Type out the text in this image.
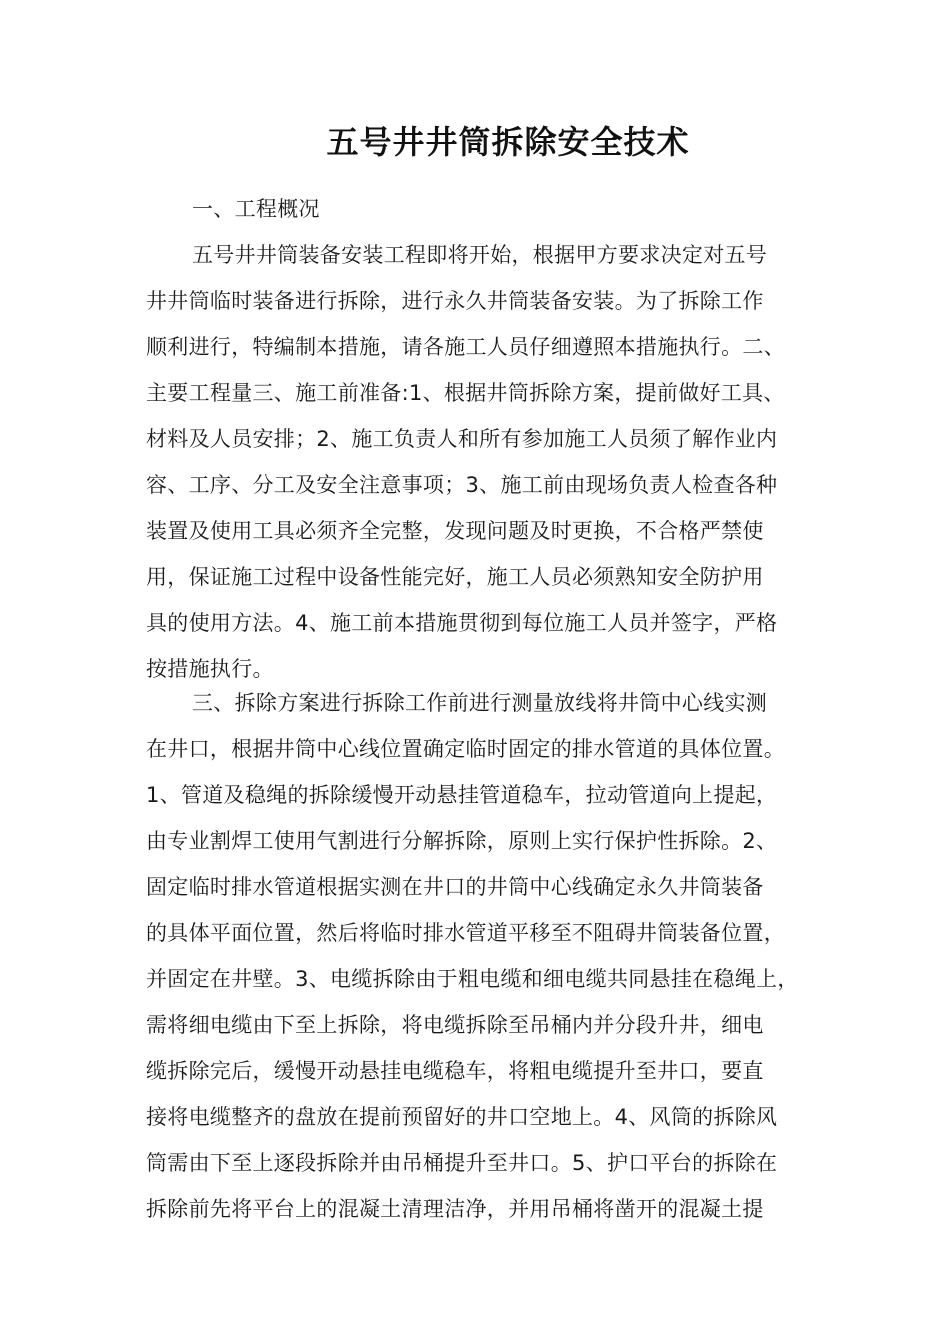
五号井井筒拆除安全技术

一、工程概况

五号井井筒装备安装工程即将开始，根据甲方要求决定对五号
井井筒临时装备进行拆除，进行永久井筒装备安装。为了拆除工作
顺利进行，特编制本措施，请各施工人员仔细遵照本措施执行。二、
主要工程量三、施工前准备:1、根据井筒拆除方案，提前做好工具、
材料及人员安排；2、施工负责人和所有参加施工人员须了解作业内
容、工序、分工及安全注意事项；3、施工前由现场负责人检查各种
装置及使用工具必须齐全完整，发现问题及时更换，不合格严禁使
用，保证施工过程中设备性能完好，施工人员必须熟知安全防护用
具的使用方法。4、施工前本措施贯彻到每位施工人员并签字，严格
按措施执行。
三、拆除方案进行拆除工作前进行测量放线将井筒中心线实测
在井口，根据井筒中心线位置确定临时固定的排水管道的具体位置。
1、管道及稳绳的拆除缓慢开动悬挂管道稳车，拉动管道向上提起，
由专业割焊工使用气割进行分解拆除，原则上实行保护性拆除。2、
固定临时排水管道根据实测在井口的井筒中心线确定永久井筒装备
的具体平面位置，然后将临时排水管道平移至不阻碍井筒装备位置，
并固定在井壁。3、电缆拆除由于粗电缆和细电缆共同悬挂在稳绳上，
需将细电缆由下至上拆除，将电缆拆除至吊桶内并分段升井，细电
缆拆除完后，缓慢开动悬挂电缆稳车，将粗电缆提升至井口，要直
接将电缆整齐的盘放在提前预留好的井口空地上。4、风筒的拆除风
筒需由下至上逐段拆除并由吊桶提升至井口。5、护口平台的拆除在
拆除前先将平台上的混凝土清理洁净，并用吊桶将凿开的混凝土提
